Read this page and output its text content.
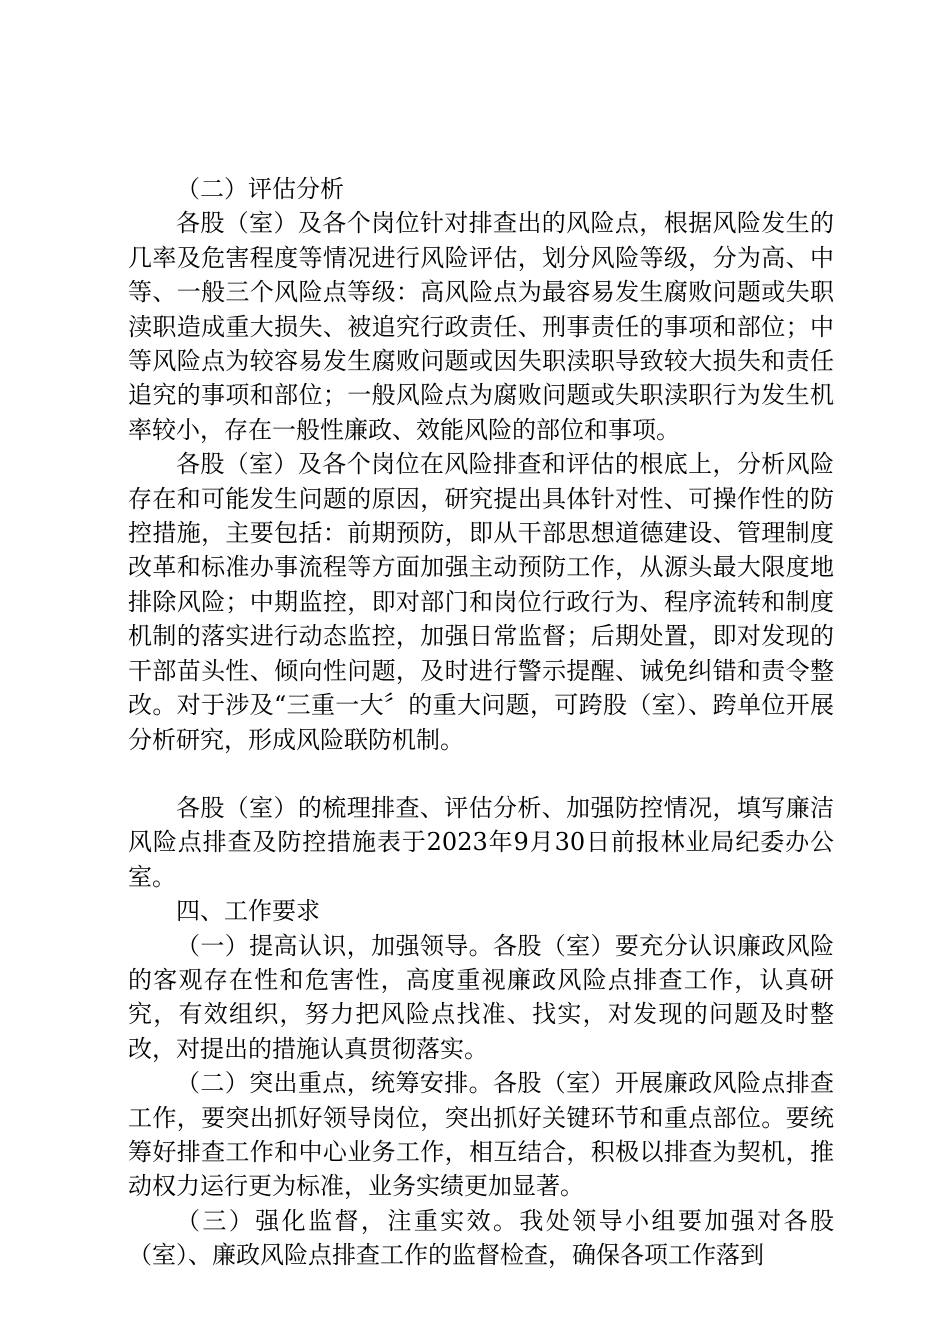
（二）评估分析

各股（室）及各个岗位针对排查出的风险点，根据风险发生的几率及危害程度等情况进行风险评估，划分风险等级，分为高、中等、一般三个风险点等级：高风险点为最容易发生腐败问题或失职渎职造成重大损失、被追究行政责任、刑事责任的事项和部位；中等风险点为较容易发生腐败问题或因失职渎职导致较大损失和责任追究的事项和部位；一般风险点为腐败问题或失职渎职行为发生机率较小，存在一般性廉政、效能风险的部位和事项。

各股（室）及各个岗位在风险排查和评估的根底上，分析风险存在和可能发生问题的原因，研究提出具体针对性、可操作性的防控措施，主要包括：前期预防，即从干部思想道德建设、管理制度改革和标准办事流程等方面加强主动预防工作，从源头最大限度地排除风险；中期监控，即对部门和岗位行政行为、程序流转和制度机制的落实进行动态监控，加强日常监督；后期处置，即对发现的干部苗头性、倾向性问题，及时进行警示提醒、诫免纠错和责令整改。对于涉及“三重一大〞的重大问题，可跨股（室）、跨单位开展分析研究，形成风险联防机制。

各股（室）的梳理排查、评估分析、加强防控情况，填写廉洁风险点排查及防控措施表于2023年9月30日前报林业局纪委办公室。

四、工作要求

（一）提高认识，加强领导。各股（室）要充分认识廉政风险的客观存在性和危害性，高度重视廉政风险点排查工作，认真研究，有效组织，努力把风险点找准、找实，对发现的问题及时整改，对提出的措施认真贯彻落实。

（二）突出重点，统筹安排。各股（室）开展廉政风险点排查工作，要突出抓好领导岗位，突出抓好关键环节和重点部位。要统筹好排查工作和中心业务工作，相互结合，积极以排查为契机，推动权力运行更为标准，业务实绩更加显著。

（三）强化监督，注重实效。我处领导小组要加强对各股（室）、廉政风险点排查工作的监督检查，确保各项工作落到
